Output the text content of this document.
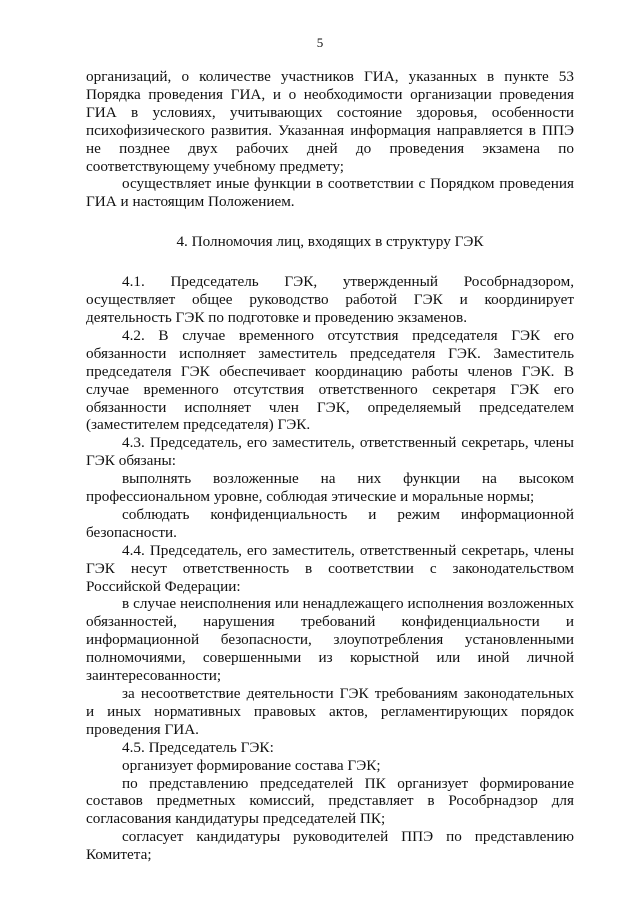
5

организаций, о количестве участников ГИА, указанных в пункте 53 Порядка проведения ГИА, и о необходимости организации проведения ГИА в условиях, учитывающих состояние здоровья, особенности психофизического развития. Указанная информация направляется в ППЭ не позднее двух рабочих дней до проведения экзамена по соответствующему учебному предмету;

осуществляет иные функции в соответствии с Порядком проведения ГИА и настоящим Положением.

4. Полномочия лиц, входящих в структуру ГЭК

4.1. Председатель ГЭК, утвержденный Рособрнадзором, осуществляет общее руководство работой ГЭК и координирует деятельность ГЭК по подготовке и проведению экзаменов.

4.2. В случае временного отсутствия председателя ГЭК его обязанности исполняет заместитель председателя ГЭК. Заместитель председателя ГЭК обеспечивает координацию работы членов ГЭК. В случае временного отсутствия ответственного секретаря ГЭК его обязанности исполняет член ГЭК, определяемый председателем (заместителем председателя) ГЭК.

4.3. Председатель, его заместитель, ответственный секретарь, члены ГЭК обязаны:

выполнять возложенные на них функции на высоком профессиональном уровне, соблюдая этические и моральные нормы;

соблюдать конфиденциальность и режим информационной безопасности.

4.4. Председатель, его заместитель, ответственный секретарь, члены ГЭК несут ответственность в соответствии с законодательством Российской Федерации:

в случае неисполнения или ненадлежащего исполнения возложенных обязанностей, нарушения требований конфиденциальности и информационной безопасности, злоупотребления установленными полномочиями, совершенными из корыстной или иной личной заинтересованности;

за несоответствие деятельности ГЭК требованиям законодательных и иных нормативных правовых актов, регламентирующих порядок проведения ГИА.

4.5. Председатель ГЭК:

организует формирование состава ГЭК;

по представлению председателей ПК организует формирование составов предметных комиссий, представляет в Рособрнадзор для согласования кандидатуры председателей ПК;

согласует кандидатуры руководителей ППЭ по представлению Комитета;
